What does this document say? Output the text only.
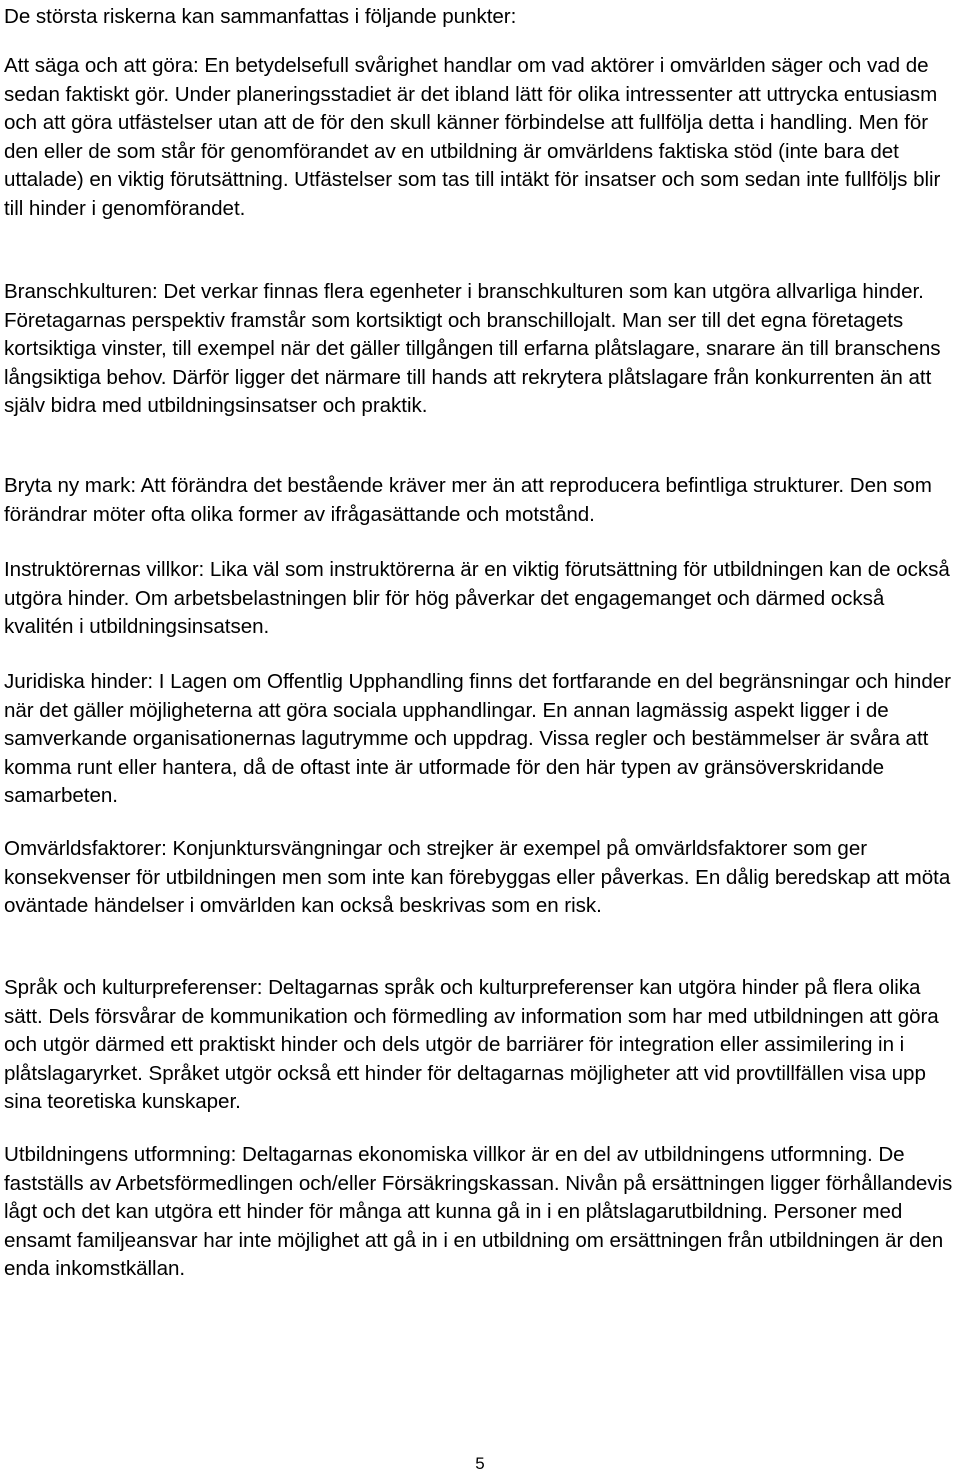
De största riskerna kan sammanfattas i följande punkter:

Att säga och att göra: En betydelsefull svårighet handlar om vad aktörer i omvärlden säger och vad de sedan faktiskt gör. Under planeringsstadiet är det ibland lätt för olika intressenter att uttrycka entusiasm och att göra utfästelser utan att de för den skull känner förbindelse att fullfölja detta i handling. Men för den eller de som står för genomförandet av en utbildning är omvärldens faktiska stöd (inte bara det uttalade) en viktig förutsättning. Utfästelser som tas till intäkt för insatser och som sedan inte fullföljs blir till hinder i genomförandet.

Branschkulturen: Det verkar finnas flera egenheter i branschkulturen som kan utgöra allvarliga hinder. Företagarnas perspektiv framstår som kortsiktigt och branschillojalt. Man ser till det egna företagets kortsiktiga vinster, till exempel när det gäller tillgången till erfarna plåtslagare, snarare än till branschens långsiktiga behov. Därför ligger det närmare till hands att rekrytera plåtslagare från konkurrenten än att själv bidra med utbildningsinsatser och praktik.

Bryta ny mark: Att förändra det bestående kräver mer än att reproducera befintliga strukturer. Den som förändrar möter ofta olika former av ifrågasättande och motstånd.

Instruktörernas villkor: Lika väl som instruktörerna är en viktig förutsättning för utbildningen kan de också utgöra hinder. Om arbetsbelastningen blir för hög påverkar det engagemanget och därmed också kvalitén i utbildningsinsatsen.

Juridiska hinder: I Lagen om Offentlig Upphandling finns det fortfarande en del begränsningar och hinder när det gäller möjligheterna att göra sociala upphandlingar. En annan lagmässig aspekt ligger i de samverkande organisationernas lagutrymme och uppdrag. Vissa regler och bestämmelser är svåra att komma runt eller hantera, då de oftast inte är utformade för den här typen av gränsöverskridande samarbeten.

Omvärldsfaktorer: Konjunktursvängningar och strejker är exempel på omvärldsfaktorer som ger konsekvenser för utbildningen men som inte kan förebyggas eller påverkas. En dålig beredskap att möta oväntade händelser i omvärlden kan också beskrivas som en risk.

Språk och kulturpreferenser: Deltagarnas språk och kulturpreferenser kan utgöra hinder på flera olika sätt. Dels försvårar de kommunikation och förmedling av information som har med utbildningen att göra och utgör därmed ett praktiskt hinder och dels utgör de barriärer för integration eller assimilering in i plåtslagaryrket. Språket utgör också ett hinder för deltagarnas möjligheter att vid provtillfällen visa upp sina teoretiska kunskaper.

Utbildningens utformning: Deltagarnas ekonomiska villkor är en del av utbildningens utformning. De fastställs av Arbetsförmedlingen och/eller Försäkringskassan. Nivån på ersättningen ligger förhållandevis lågt och det kan utgöra ett hinder för många att kunna gå in i en plåtslagarutbildning. Personer med ensamt familjeansvar har inte möjlighet att gå in i en utbildning om ersättningen från utbildningen är den enda inkomstkällan.

5
